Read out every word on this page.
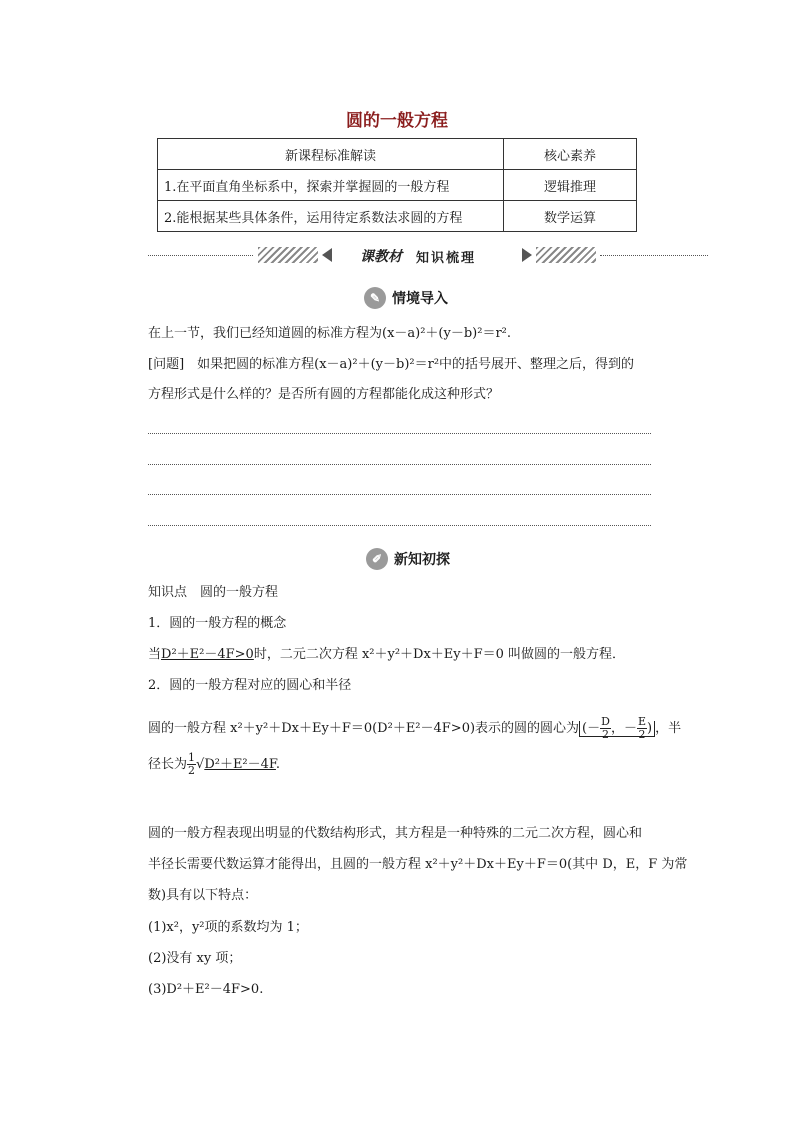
圆的一般方程
新课程标准解读	核心素养
1.在平面直角坐标系中，探索并掌握圆的一般方程	逻辑推理
2.能根据某些具体条件，运用待定系数法求圆的方程	数学运算
课教材 知识梳理
✎ 情境导入
在上一节，我们已经知道圆的标准方程为(x－a)²＋(y－b)²＝r².
[问题]　如果把圆的标准方程(x－a)²＋(y－b)²＝r²中的括号展开、整理之后，得到的
方程形式是什么样的？是否所有圆的方程都能化成这种形式？
✐ 新知初探
知识点　圆的一般方程
1．圆的一般方程的概念
当D²＋E²－4F>0时，二元二次方程 x²＋y²＋Dx＋Ey＋F＝0 叫做圆的一般方程．
2．圆的一般方程对应的圆心和半径
圆的一般方程 x²＋y²＋Dx＋Ey＋F＝0(D²＋E²－4F>0)表示的圆的圆心为 (－ $\frac{D}{2}$ ，－ $\frac{E}{2}$ ) ，半
径长为 $\frac{1}{2} √D^2+E^2-4F$.
圆的一般方程表现出明显的代数结构形式，其方程是一种特殊的二元二次方程，圆心和
半径长需要代数运算才能得出，且圆的一般方程 x²＋y²＋Dx＋Ey＋F＝0(其中 D，E，F 为常
数)具有以下特点：
(1)x²，y²项的系数均为 1；
(2)没有 xy 项；
(3)D²＋E²－4F>0.
